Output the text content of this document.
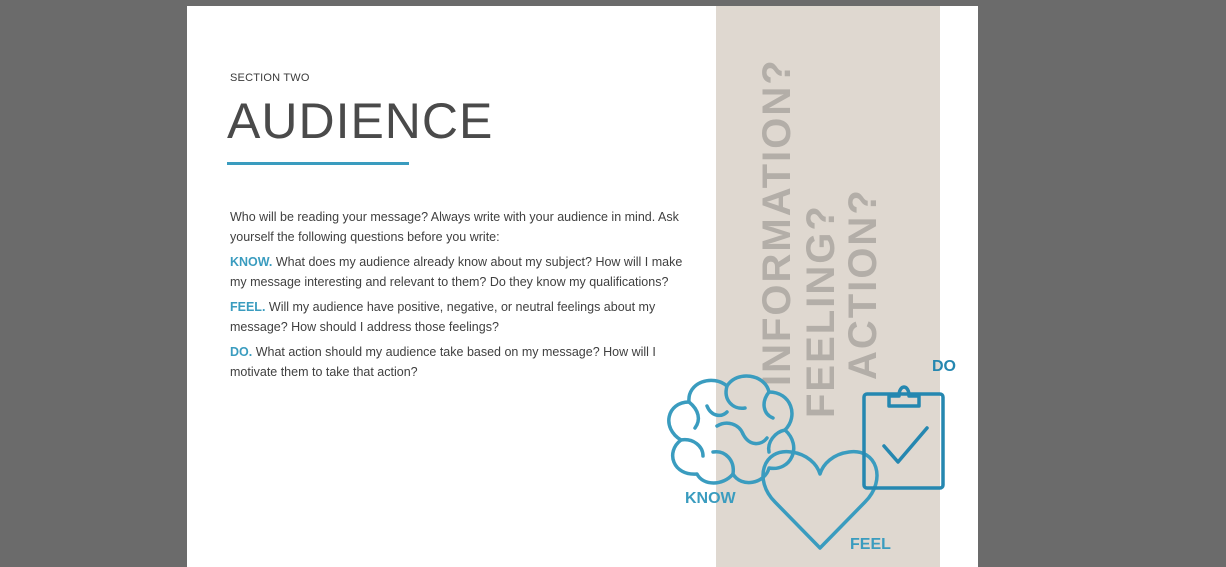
SECTION TWO
AUDIENCE

Who will be reading your message? Always write with your audience in mind. Ask yourself the following questions before you write:

KNOW. What does my audience already know about my subject? How will I make my message interesting and relevant to them? Do they know my qualifications?

FEEL. Will my audience have positive, negative, or neutral feelings about my message? How should I address those feelings?

DO. What action should my audience take based on my message? How will I motivate them to take that action?	INFORMATION? FEELING?
ACTION?
KNOW
FEEL
DO
